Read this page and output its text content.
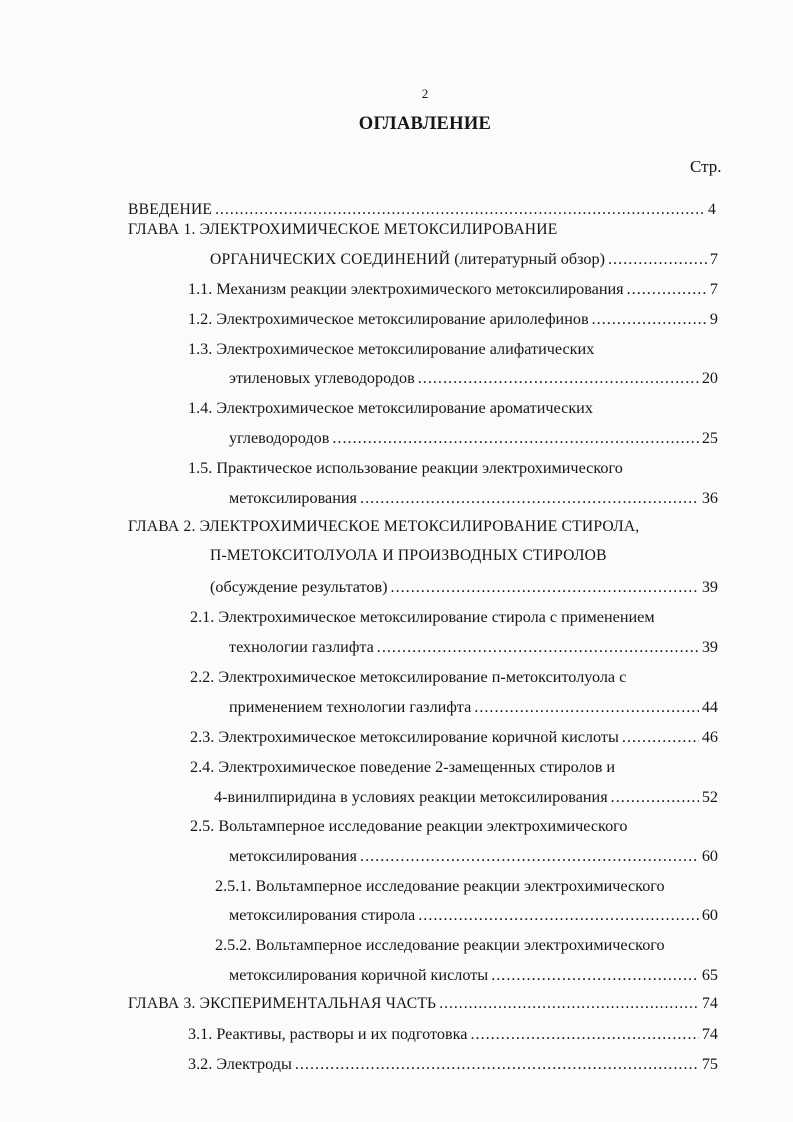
2
ОГЛАВЛЕНИЕ
Стр.
ВВЕДЕНИЕ .....	4
ГЛАВА 1. ЭЛЕКТРОХИМИЧЕСКОЕ МЕТОКСИЛИРОВАНИЕ
ОРГАНИЧЕСКИХ СОЕДИНЕНИЙ (литературный обзор) .....	7
1.1. Механизм реакции электрохимического метоксилирования .....	7
1.2. Электрохимическое метоксилирование арилолефинов .....	9
1.3. Электрохимическое метоксилирование алифатических
этиленовых углеводородов .....	20
1.4. Электрохимическое метоксилирование ароматических
углеводородов .....	25
1.5. Практическое использование реакции электрохимического
метоксилирования .....	36
ГЛАВА 2. ЭЛЕКТРОХИМИЧЕСКОЕ МЕТОКСИЛИРОВАНИЕ СТИРОЛА,
П-МЕТОКСИТОЛУОЛА И ПРОИЗВОДНЫХ СТИРОЛОВ
(обсуждение результатов) .....	39
2.1. Электрохимическое метоксилирование стирола с применением
технологии газлифта .....	39
2.2. Электрохимическое метоксилирование п-метокситолуола с
применением технологии газлифта .....	44
2.3. Электрохимическое метоксилирование коричной кислоты .....	46
2.4. Электрохимическое поведение 2-замещенных стиролов и
4-винилпиридина в условиях реакции метоксилирования .....	52
2.5. Вольтамперное исследование реакции электрохимического
метоксилирования .....	60
2.5.1. Вольтамперное исследование реакции электрохимического
метоксилирования стирола .....	60
2.5.2. Вольтамперное исследование реакции электрохимического
метоксилирования коричной кислоты .....	65
ГЛАВА 3. ЭКСПЕРИМЕНТАЛЬНАЯ ЧАСТЬ .....	74
3.1. Реактивы, растворы и их подготовка .....	74
3.2. Электроды .....	75
